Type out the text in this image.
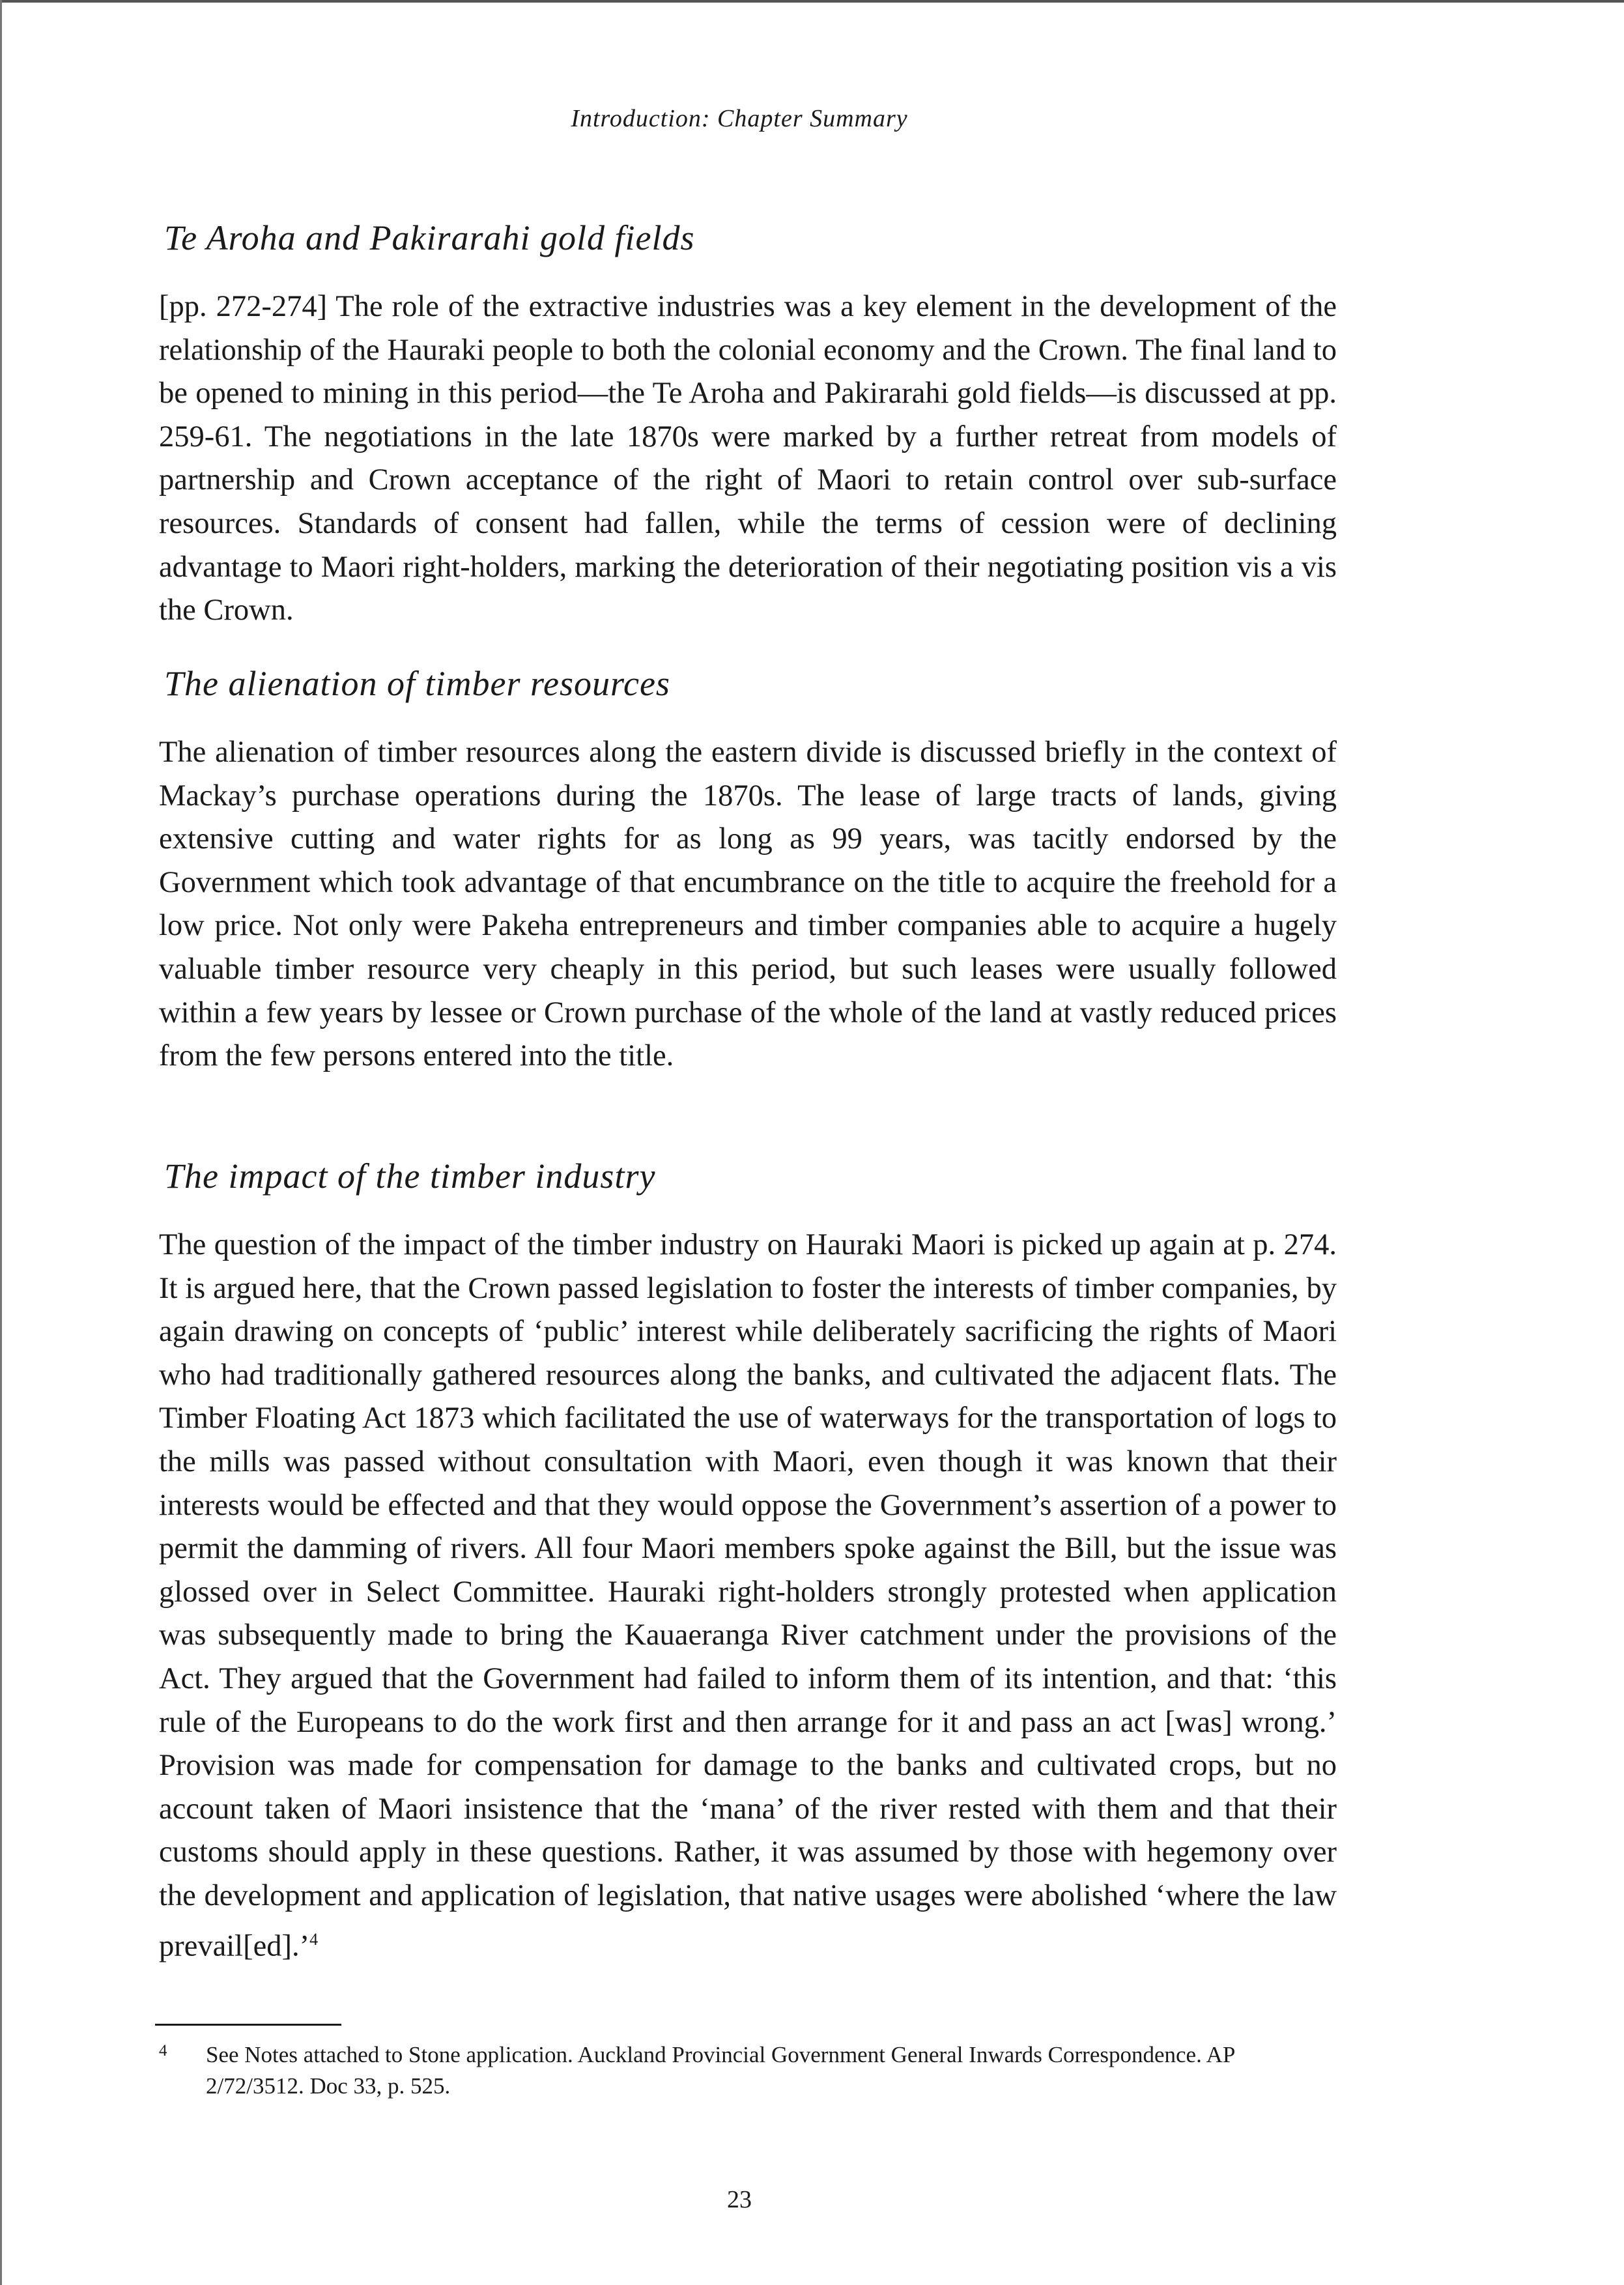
Introduction: Chapter Summary
Te Aroha and Pakirarahi gold fields

[pp. 272-274] The role of the extractive industries was a key element in the development of the relationship of the Hauraki people to both the colonial economy and the Crown. The final land to be opened to mining in this period—the Te Aroha and Pakirarahi gold fields—is discussed at pp. 259-61. The negotiations in the late 1870s were marked by a further retreat from models of partnership and Crown acceptance of the right of Maori to retain control over sub-surface resources. Standards of consent had fallen, while the terms of cession were of declining advantage to Maori right-holders, marking the deterioration of their negotiating position vis a vis the Crown.

The alienation of timber resources

The alienation of timber resources along the eastern divide is discussed briefly in the context of Mackay’s purchase operations during the 1870s. The lease of large tracts of lands, giving extensive cutting and water rights for as long as 99 years, was tacitly endorsed by the Government which took advantage of that encumbrance on the title to acquire the freehold for a low price. Not only were Pakeha entrepreneurs and timber companies able to acquire a hugely valuable timber resource very cheaply in this period, but such leases were usually followed within a few years by lessee or Crown purchase of the whole of the land at vastly reduced prices from the few persons entered into the title.

The impact of the timber industry

The question of the impact of the timber industry on Hauraki Maori is picked up again at p. 274. It is argued here, that the Crown passed legislation to foster the interests of timber companies, by again drawing on concepts of ‘public’ interest while deliberately sacrificing the rights of Maori who had traditionally gathered resources along the banks, and cultivated the adjacent flats. The Timber Floating Act 1873 which facilitated the use of waterways for the transportation of logs to the mills was passed without consultation with Maori, even though it was known that their interests would be effected and that they would oppose the Government’s assertion of a power to permit the damming of rivers. All four Maori members spoke against the Bill, but the issue was glossed over in Select Committee. Hauraki right-holders strongly protested when application was subsequently made to bring the Kauaeranga River catchment under the provisions of the Act. They argued that the Government had failed to inform them of its intention, and that: ‘this rule of the Europeans to do the work first and then arrange for it and pass an act [was] wrong.’ Provision was made for compensation for damage to the banks and cultivated crops, but no account taken of Maori insistence that the ‘mana’ of the river rested with them and that their customs should apply in these questions. Rather, it was assumed by those with hegemony over the development and application of legislation, that native usages were abolished ‘where the law prevail[ed].’$^4$

4 See Notes attached to Stone application. Auckland Provincial Government General Inwards Correspondence. AP 2/72/3512. Doc 33, p. 525.
23
